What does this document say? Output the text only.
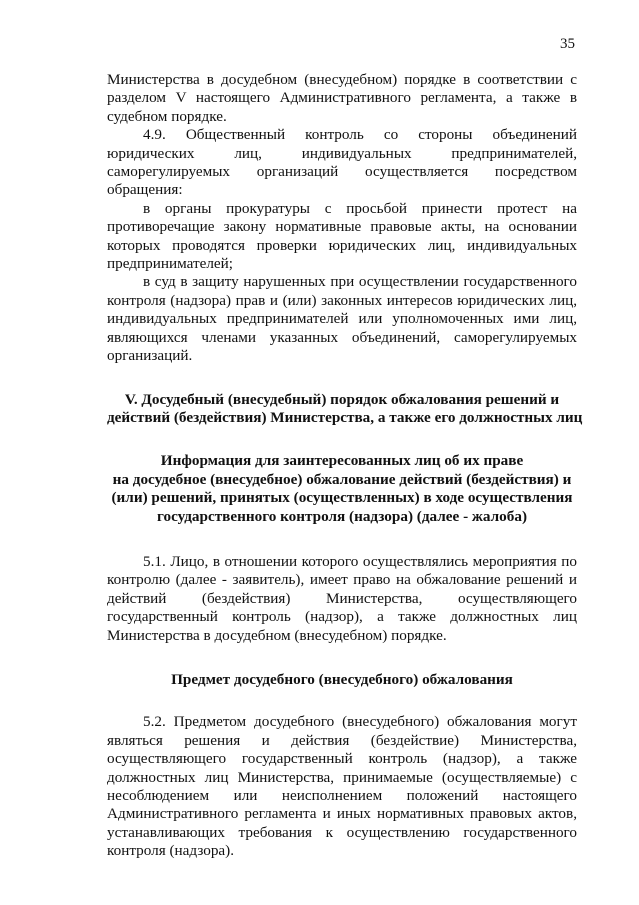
35

Министерства в досудебном (внесудебном) порядке в соответствии с разделом V настоящего Административного регламента, а также в судебном порядке.

4.9. Общественный контроль со стороны объединений юридических лиц, индивидуальных предпринимателей, саморегулируемых организаций осуществляется посредством обращения:

в органы прокуратуры с просьбой принести протест на противоречащие закону нормативные правовые акты, на основании которых проводятся проверки юридических лиц, индивидуальных предпринимателей;

в суд в защиту нарушенных при осуществлении государственного контроля (надзора) прав и (или) законных интересов юридических лиц, индивидуальных предпринимателей или уполномоченных ими лиц, являющихся членами указанных объединений, саморегулируемых организаций.

V. Досудебный (внесудебный) порядок обжалования решений и
действий (бездействия) Министерства, а также его должностных лиц

Информация для заинтересованных лиц об их праве
на досудебное (внесудебное) обжалование действий (бездействия) и
(или) решений, принятых (осуществленных) в ходе осуществления
государственного контроля (надзора) (далее - жалоба)

5.1. Лицо, в отношении которого осуществлялись мероприятия по контролю (далее - заявитель), имеет право на обжалование решений и действий (бездействия) Министерства, осуществляющего государственный контроль (надзор), а также должностных лиц Министерства в досудебном (внесудебном) порядке.

Предмет досудебного (внесудебного) обжалования

5.2. Предметом досудебного (внесудебного) обжалования могут являться решения и действия (бездействие) Министерства, осуществляющего государственный контроль (надзор), а также должностных лиц Министерства, принимаемые (осуществляемые) с несоблюдением или неисполнением положений настоящего Административного регламента и иных нормативных правовых актов, устанавливающих требования к осуществлению государственного контроля (надзора).
